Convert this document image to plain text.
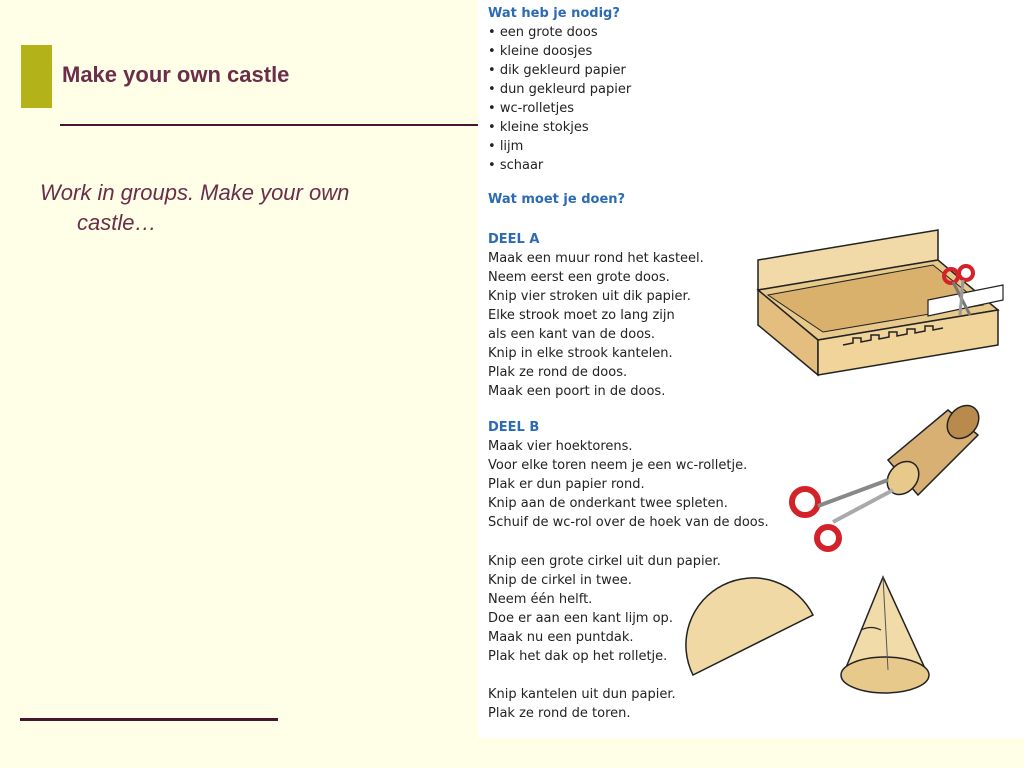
Make your own castle
Work in groups. Make your own
castle…
Wat heb je nodig?
• een grote doos
• kleine doosjes
• dik gekleurd papier
• dun gekleurd papier
• wc-rolletjes
• kleine stokjes
• lijm
• schaar
Wat moet je doen?
DEEL A
Maak een muur rond het kasteel.
Neem eerst een grote doos.
Knip vier stroken uit dik papier.
Elke strook moet zo lang zijn
als een kant van de doos.
Knip in elke strook kantelen.
Plak ze rond de doos.
Maak een poort in de doos.
DEEL B
Maak vier hoektorens.
Voor elke toren neem je een wc-rolletje.
Plak er dun papier rond.
Knip aan de onderkant twee spleten.
Schuif de wc-rol over de hoek van de doos.
Knip een grote cirkel uit dun papier.
Knip de cirkel in twee.
Neem één helft.
Doe er aan een kant lijm op.
Maak nu een puntdak.
Plak het dak op het rolletje.
Knip kantelen uit dun papier.
Plak ze rond de toren.
